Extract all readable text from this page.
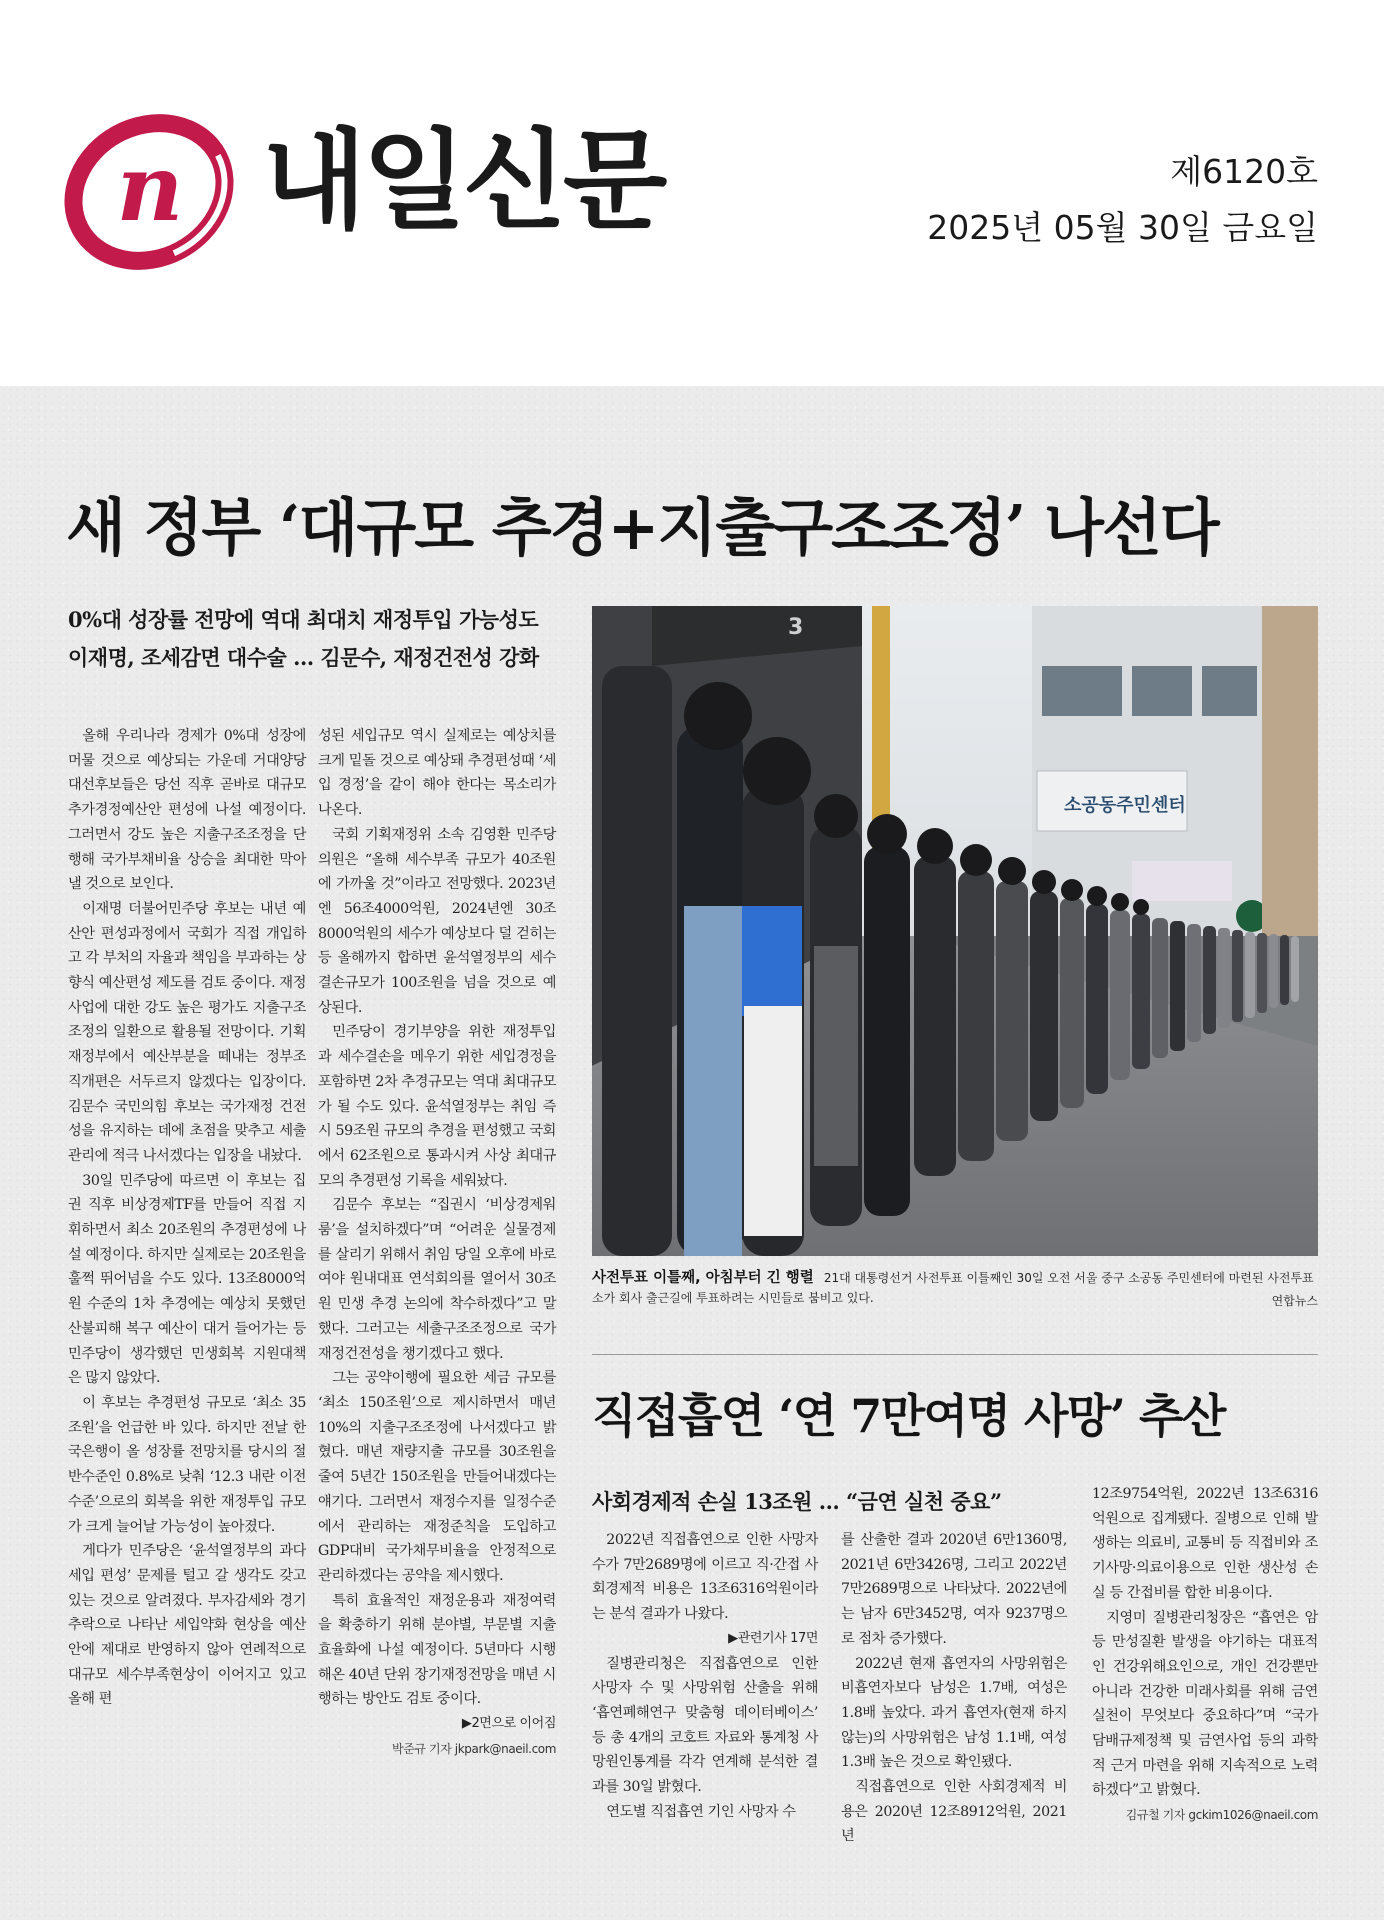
n 내일신문	제6120호
2025년 05월 30일 금요일
새 정부 ‘대규모 추경+지출구조조정’ 나선다
0%대 성장률 전망에 역대 최대치 재정투입 가능성도
이재명, 조세감면 대수술 … 김문수, 재정건전성 강화

올해 우리나라 경제가 0%대 성장에 머물 것으로 예상되는 가운데 거대양당 대선후보들은 당선 직후 곧바로 대규모 추가경정예산안 편성에 나설 예정이다. 그러면서 강도 높은 지출구조조정을 단행해 국가부채비율 상승을 최대한 막아낼 것으로 보인다.

이재명 더불어민주당 후보는 내년 예산안 편성과정에서 국회가 직접 개입하고 각 부처의 자율과 책임을 부과하는 상향식 예산편성 제도를 검토 중이다. 재정사업에 대한 강도 높은 평가도 지출구조조정의 일환으로 활용될 전망이다. 기획재정부에서 예산부분을 떼내는 정부조직개편은 서두르지 않겠다는 입장이다. 김문수 국민의힘 후보는 국가재정 건전성을 유지하는 데에 초점을 맞추고 세출관리에 적극 나서겠다는 입장을 내놨다.

30일 민주당에 따르면 이 후보는 집권 직후 비상경제TF를 만들어 직접 지휘하면서 최소 20조원의 추경편성에 나설 예정이다. 하지만 실제로는 20조원을 훌쩍 뛰어넘을 수도 있다. 13조8000억원 수준의 1차 추경에는 예상치 못했던 산불피해 복구 예산이 대거 들어가는 등 민주당이 생각했던 민생회복 지원대책은 많지 않았다.

이 후보는 추경편성 규모로 ‘최소 35조원’을 언급한 바 있다. 하지만 전날 한국은행이 올 성장률 전망치를 당시의 절반수준인 0.8%로 낮춰 ‘12.3 내란 이전 수준’으로의 회복을 위한 재정투입 규모가 크게 늘어날 가능성이 높아졌다.

게다가 민주당은 ‘윤석열정부의 과다 세입 편성’ 문제를 털고 갈 생각도 갖고 있는 것으로 알려졌다. 부자감세와 경기추락으로 나타난 세입약화 현상을 예산안에 제대로 반영하지 않아 연례적으로 대규모 세수부족현상이 이어지고 있고 올해 편

성된 세입규모 역시 실제로는 예상치를 크게 밑돌 것으로 예상돼 추경편성때 ‘세입 경정’을 같이 해야 한다는 목소리가 나온다.

국회 기획재정위 소속 김영환 민주당 의원은 “올해 세수부족 규모가 40조원에 가까울 것”이라고 전망했다. 2023년엔 56조4000억원, 2024년엔 30조8000억원의 세수가 예상보다 덜 걷히는 등 올해까지 합하면 윤석열정부의 세수결손규모가 100조원을 넘을 것으로 예상된다.

민주당이 경기부양을 위한 재정투입과 세수결손을 메우기 위한 세입경정을 포함하면 2차 추경규모는 역대 최대규모가 될 수도 있다. 윤석열정부는 취임 즉시 59조원 규모의 추경을 편성했고 국회에서 62조원으로 통과시켜 사상 최대규모의 추경편성 기록을 세워놨다.

김문수 후보는 “집권시 ‘비상경제워룸’을 설치하겠다”며 “어려운 실물경제를 살리기 위해서 취임 당일 오후에 바로 여야 원내대표 연석회의를 열어서 30조원 민생 추경 논의에 착수하겠다”고 말했다. 그러고는 세출구조조정으로 국가 재정건전성을 챙기겠다고 했다.

그는 공약이행에 필요한 세금 규모를 ‘최소 150조원’으로 제시하면서 매년 10%의 지출구조조정에 나서겠다고 밝혔다. 매년 재량지출 규모를 30조원을 줄여 5년간 150조원을 만들어내겠다는 얘기다. 그러면서 재정수지를 일정수준에서 관리하는 재정준칙을 도입하고 GDP대비 국가채무비율을 안정적으로 관리하겠다는 공약을 제시했다.

특히 효율적인 재정운용과 재정여력을 확충하기 위해 분야별, 부문별 지출 효율화에 나설 예정이다. 5년마다 시행해온 40년 단위 장기재정전망을 매년 시행하는 방안도 검토 중이다.

▶2면으로 이어짐
박준규 기자 jkpark@naeil.com
소공동주민센터
3
사전투표 이틀째, 아침부터 긴 행렬 21대 대통령선거 사전투표 이틀째인 30일 오전 서울 중구 소공동 주민센터에 마련된 사전투표소가 회사 출근길에 투표하려는 시민들로 붐비고 있다.	연합뉴스
직접흡연 ‘연 7만여명 사망’ 추산
사회경제적 손실 13조원 … “금연 실천 중요”

2022년 직접흡연으로 인한 사망자 수가 7만2689명에 이르고 직·간접 사회경제적 비용은 13조6316억원이라는 분석 결과가 나왔다.

▶관련기사 17면

질병관리청은 직접흡연으로 인한 사망자 수 및 사망위험 산출을 위해 ‘흡연폐해연구 맞춤형 데이터베이스’ 등 총 4개의 코호트 자료와 통계청 사망원인통계를 각각 연계해 분석한 결과를 30일 밝혔다.

연도별 직접흡연 기인 사망자 수

를 산출한 결과 2020년 6만1360명, 2021년 6만3426명, 그리고 2022년 7만2689명으로 나타났다. 2022년에는 남자 6만3452명, 여자 9237명으로 점차 증가했다.

2022년 현재 흡연자의 사망위험은 비흡연자보다 남성은 1.7배, 여성은 1.8배 높았다. 과거 흡연자(현재 하지 않는)의 사망위험은 남성 1.1배, 여성 1.3배 높은 것으로 확인됐다.

직접흡연으로 인한 사회경제적 비용은 2020년 12조8912억원, 2021년

12조9754억원, 2022년 13조6316억원으로 집계됐다. 질병으로 인해 발생하는 의료비, 교통비 등 직접비와 조기사망·의료이용으로 인한 생산성 손실 등 간접비를 합한 비용이다.

지영미 질병관리청장은 “흡연은 암 등 만성질환 발생을 야기하는 대표적인 건강위해요인으로, 개인 건강뿐만 아니라 건강한 미래사회를 위해 금연실천이 무엇보다 중요하다”며 “국가 담배규제정책 및 금연사업 등의 과학적 근거 마련을 위해 지속적으로 노력하겠다”고 밝혔다.

김규철 기자 gckim1026@naeil.com
